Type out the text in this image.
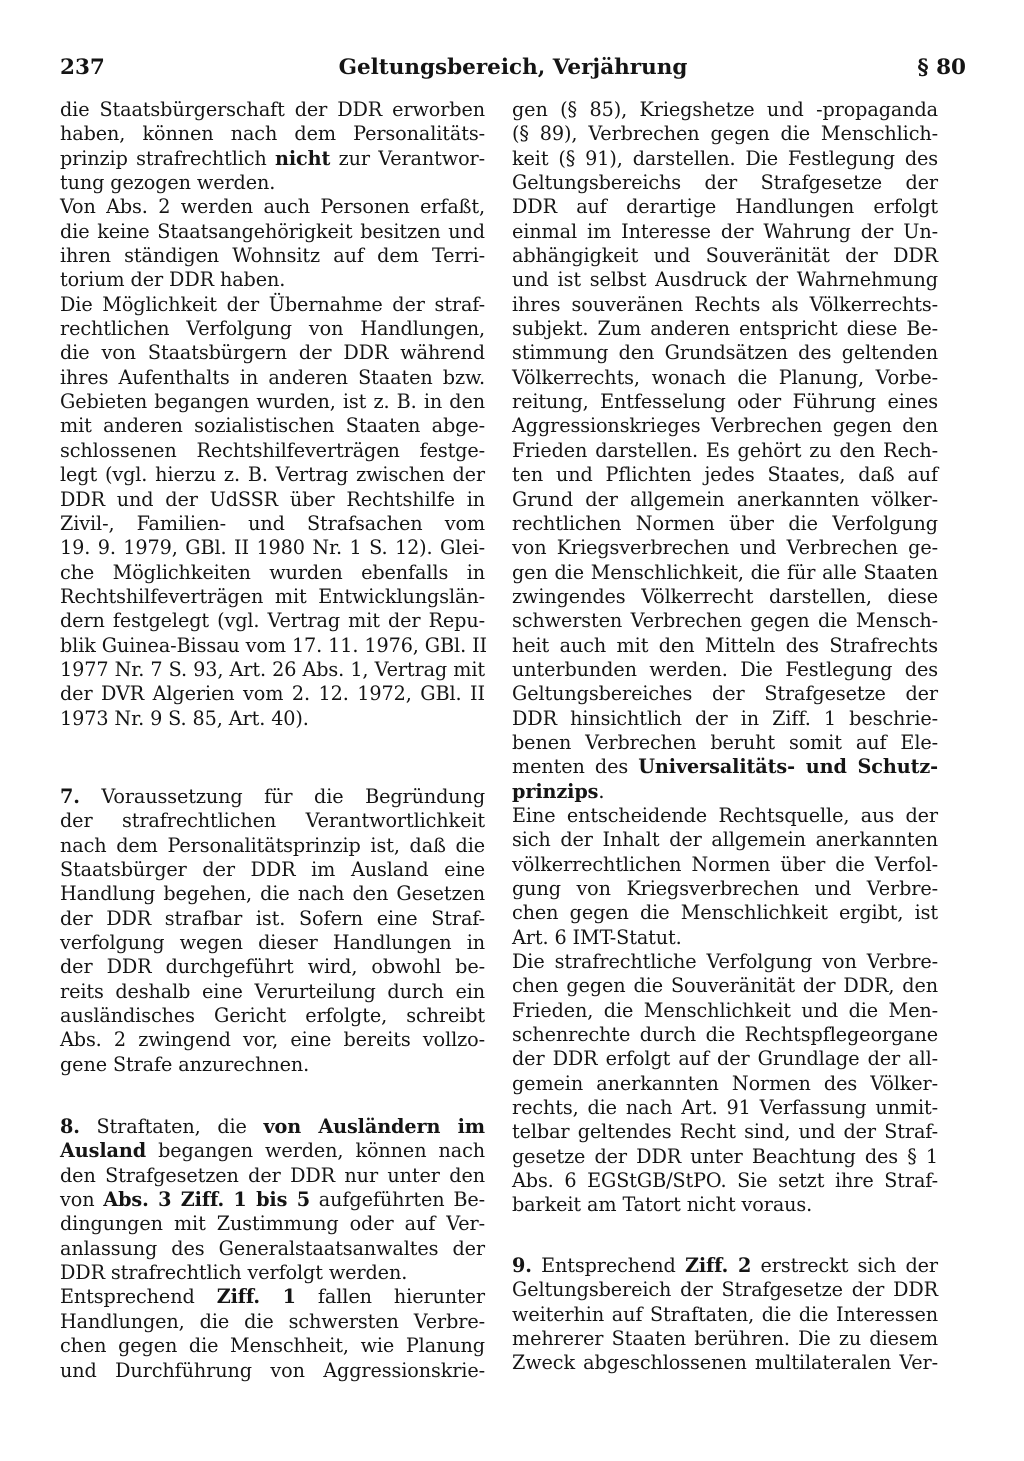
237	Geltungsbereich, Verjährung	§ 80
die Staatsbürgerschaft der DDR erworben
haben, können nach dem Personalitäts-
prinzip strafrechtlich nicht zur Verantwor-
tung gezogen werden.
Von Abs. 2 werden auch Personen erfaßt,
die keine Staatsangehörigkeit besitzen und
ihren ständigen Wohnsitz auf dem Terri-
torium der DDR haben.
Die Möglichkeit der Übernahme der straf-
rechtlichen Verfolgung von Handlungen,
die von Staatsbürgern der DDR während
ihres Aufenthalts in anderen Staaten bzw.
Gebieten begangen wurden, ist z. B. in den
mit anderen sozialistischen Staaten abge-
schlossenen Rechtshilfeverträgen festge-
legt (vgl. hierzu z. B. Vertrag zwischen der
DDR und der UdSSR über Rechtshilfe in
Zivil-, Familien- und Strafsachen vom
19. 9. 1979, GBl. II 1980 Nr. 1 S. 12). Glei-
che Möglichkeiten wurden ebenfalls in
Rechtshilfeverträgen mit Entwicklungslän-
dern festgelegt (vgl. Vertrag mit der Repu-
blik Guinea-Bissau vom 17. 11. 1976, GBl. II
1977 Nr. 7 S. 93, Art. 26 Abs. 1, Vertrag mit
der DVR Algerien vom 2. 12. 1972, GBl. II
1973 Nr. 9 S. 85, Art. 40).
7. Voraussetzung für die Begründung
der strafrechtlichen Verantwortlichkeit
nach dem Personalitätsprinzip ist, daß die
Staatsbürger der DDR im Ausland eine
Handlung begehen, die nach den Gesetzen
der DDR strafbar ist. Sofern eine Straf-
verfolgung wegen dieser Handlungen in
der DDR durchgeführt wird, obwohl be-
reits deshalb eine Verurteilung durch ein
ausländisches Gericht erfolgte, schreibt
Abs. 2 zwingend vor, eine bereits vollzo-
gene Strafe anzurechnen.
8. Straftaten, die von Ausländern im
Ausland begangen werden, können nach
den Strafgesetzen der DDR nur unter den
von Abs. 3 Ziff. 1 bis 5 aufgeführten Be-
dingungen mit Zustimmung oder auf Ver-
anlassung des Generalstaatsanwaltes der
DDR strafrechtlich verfolgt werden.
Entsprechend Ziff. 1 fallen hierunter
Handlungen, die die schwersten Verbre-
chen gegen die Menschheit, wie Planung
und Durchführung von Aggressionskrie-
gen (§ 85), Kriegshetze und -propaganda
(§ 89), Verbrechen gegen die Menschlich-
keit (§ 91), darstellen. Die Festlegung des
Geltungsbereichs der Strafgesetze der
DDR auf derartige Handlungen erfolgt
einmal im Interesse der Wahrung der Un-
abhängigkeit und Souveränität der DDR
und ist selbst Ausdruck der Wahrnehmung
ihres souveränen Rechts als Völkerrechts-
subjekt. Zum anderen entspricht diese Be-
stimmung den Grundsätzen des geltenden
Völkerrechts, wonach die Planung, Vorbe-
reitung, Entfesselung oder Führung eines
Aggressionskrieges Verbrechen gegen den
Frieden darstellen. Es gehört zu den Rech-
ten und Pflichten jedes Staates, daß auf
Grund der allgemein anerkannten völker-
rechtlichen Normen über die Verfolgung
von Kriegsverbrechen und Verbrechen ge-
gen die Menschlichkeit, die für alle Staaten
zwingendes Völkerrecht darstellen, diese
schwersten Verbrechen gegen die Mensch-
heit auch mit den Mitteln des Strafrechts
unterbunden werden. Die Festlegung des
Geltungsbereiches der Strafgesetze der
DDR hinsichtlich der in Ziff. 1 beschrie-
benen Verbrechen beruht somit auf Ele-
menten des Universalitäts- und Schutz-
prinzips.
Eine entscheidende Rechtsquelle, aus der
sich der Inhalt der allgemein anerkannten
völkerrechtlichen Normen über die Verfol-
gung von Kriegsverbrechen und Verbre-
chen gegen die Menschlichkeit ergibt, ist
Art. 6 IMT-Statut.
Die strafrechtliche Verfolgung von Verbre-
chen gegen die Souveränität der DDR, den
Frieden, die Menschlichkeit und die Men-
schenrechte durch die Rechtspflegeorgane
der DDR erfolgt auf der Grundlage der all-
gemein anerkannten Normen des Völker-
rechts, die nach Art. 91 Verfassung unmit-
telbar geltendes Recht sind, und der Straf-
gesetze der DDR unter Beachtung des § 1
Abs. 6 EGStGB/StPO. Sie setzt ihre Straf-
barkeit am Tatort nicht voraus.
9. Entsprechend Ziff. 2 erstreckt sich der
Geltungsbereich der Strafgesetze der DDR
weiterhin auf Straftaten, die die Interessen
mehrerer Staaten berühren. Die zu diesem
Zweck abgeschlossenen multilateralen Ver-
